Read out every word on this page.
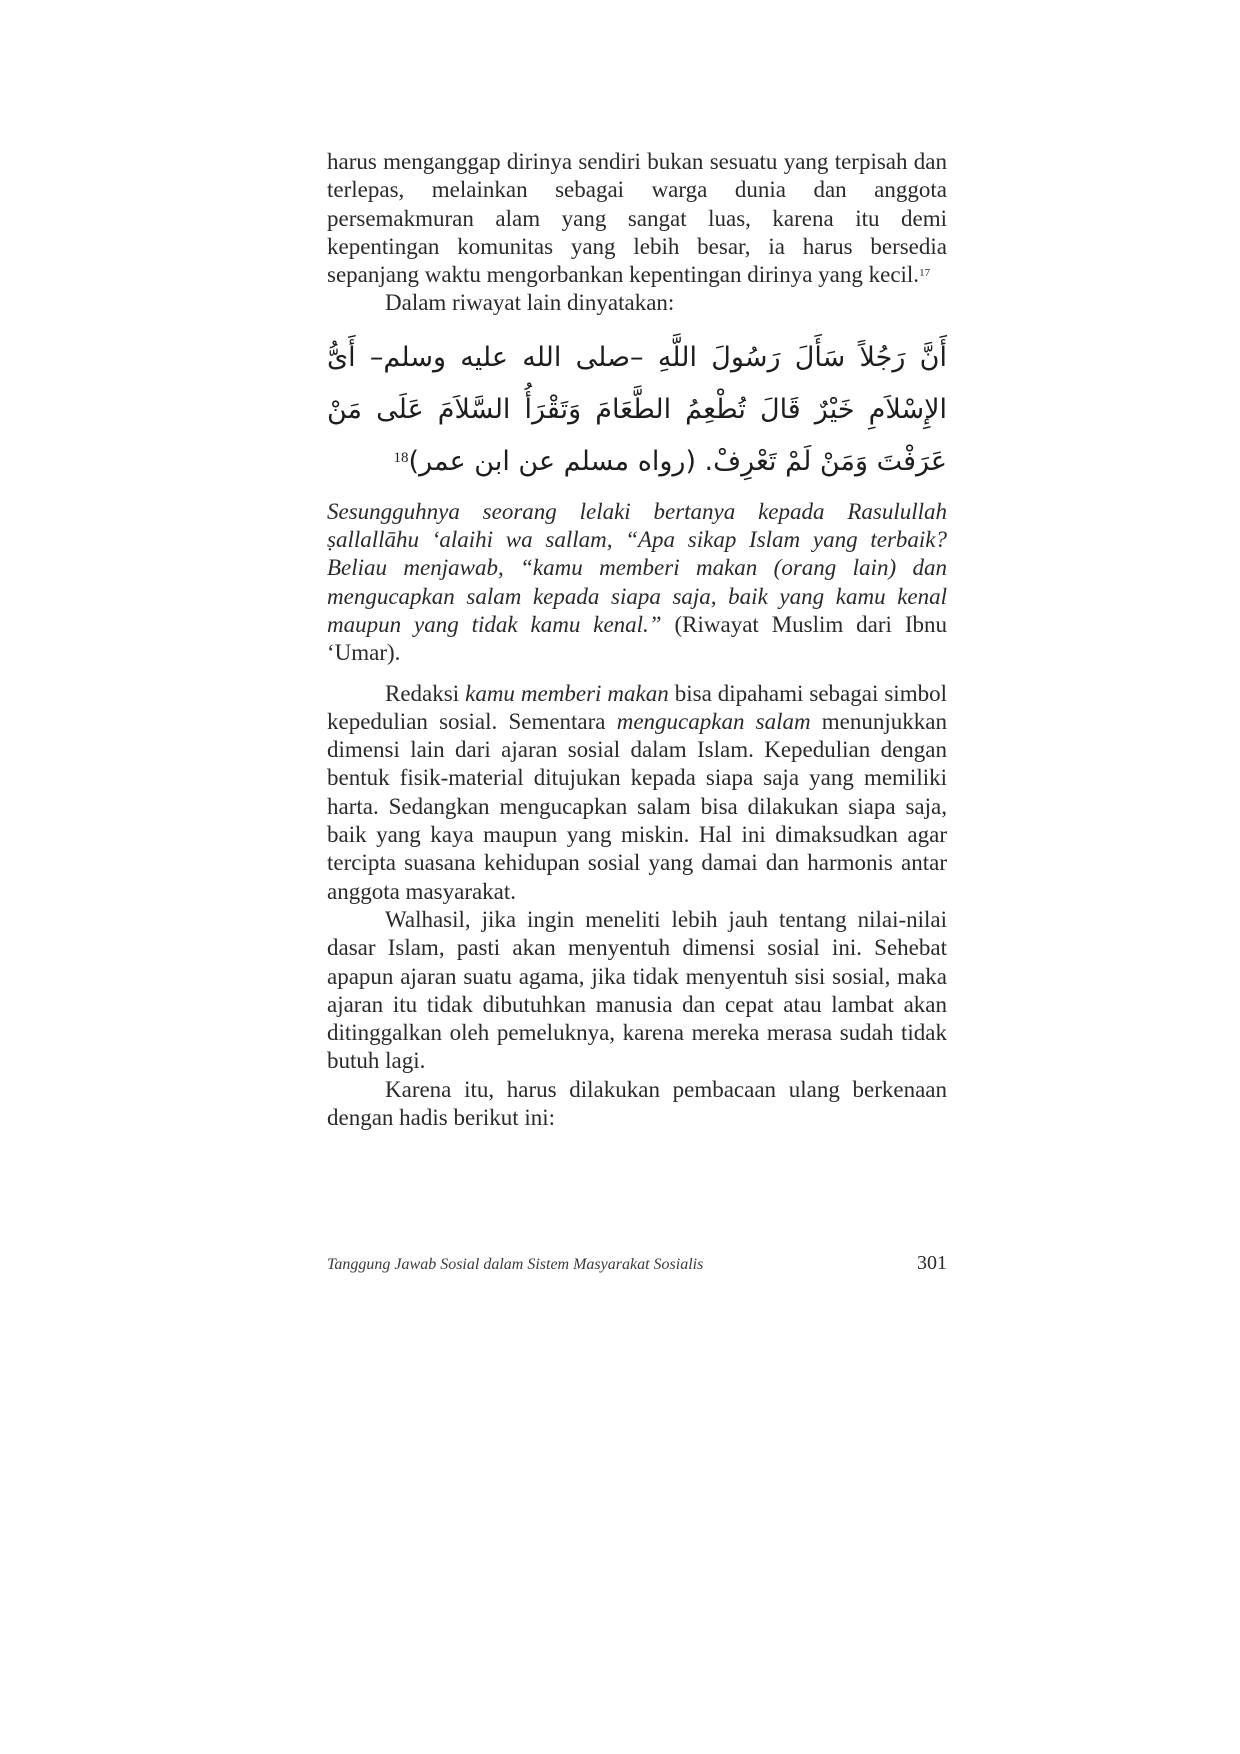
harus menganggap dirinya sendiri bukan sesuatu yang terpisah dan terlepas, melainkan sebagai warga dunia dan anggota persemakmuran alam yang sangat luas, karena itu demi kepentingan komunitas yang lebih besar, ia harus bersedia sepanjang waktu mengorbankan kepentingan dirinya yang kecil.$^{17}$

Dalam riwayat lain dinyatakan:

أَنَّ رَجُلاً سَأَلَ رَسُولَ اللَّهِ –صلى الله عليه وسلم– أَىُّ الإِسْلاَمِ خَيْرٌ قَالَ تُطْعِمُ الطَّعَامَ وَتَقْرَأُ السَّلاَمَ عَلَى مَنْ عَرَفْتَ وَمَنْ لَمْ تَعْرِفْ. (رواه مسلم عن ابن عمر)$^{18}$

Sesungguhnya seorang lelaki bertanya kepada Rasulullah ṣallallāhu ‘alaihi wa sallam, “Apa sikap Islam yang terbaik? Beliau menjawab, “kamu memberi makan (orang lain) dan mengucapkan salam kepada siapa saja, baik yang kamu kenal maupun yang tidak kamu kenal.” (Riwayat Muslim dari Ibnu ‘Umar).

Redaksi kamu memberi makan bisa dipahami sebagai simbol kepedulian sosial. Sementara mengucapkan salam menunjukkan dimensi lain dari ajaran sosial dalam Islam. Kepedulian dengan bentuk fisik-material ditujukan kepada siapa saja yang memiliki harta. Sedangkan mengucapkan salam bisa dilakukan siapa saja, baik yang kaya maupun yang miskin. Hal ini dimaksudkan agar tercipta suasana kehidupan sosial yang damai dan harmonis antar anggota masyarakat.

Walhasil, jika ingin meneliti lebih jauh tentang nilai-nilai dasar Islam, pasti akan menyentuh dimensi sosial ini. Sehebat apapun ajaran suatu agama, jika tidak menyentuh sisi sosial, maka ajaran itu tidak dibutuhkan manusia dan cepat atau lambat akan ditinggalkan oleh pemeluknya, karena mereka merasa sudah tidak butuh lagi.

Karena itu, harus dilakukan pembacaan ulang berkenaan dengan hadis berikut ini:

Tanggung Jawab Sosial dalam Sistem Masyarakat Sosialis	301
